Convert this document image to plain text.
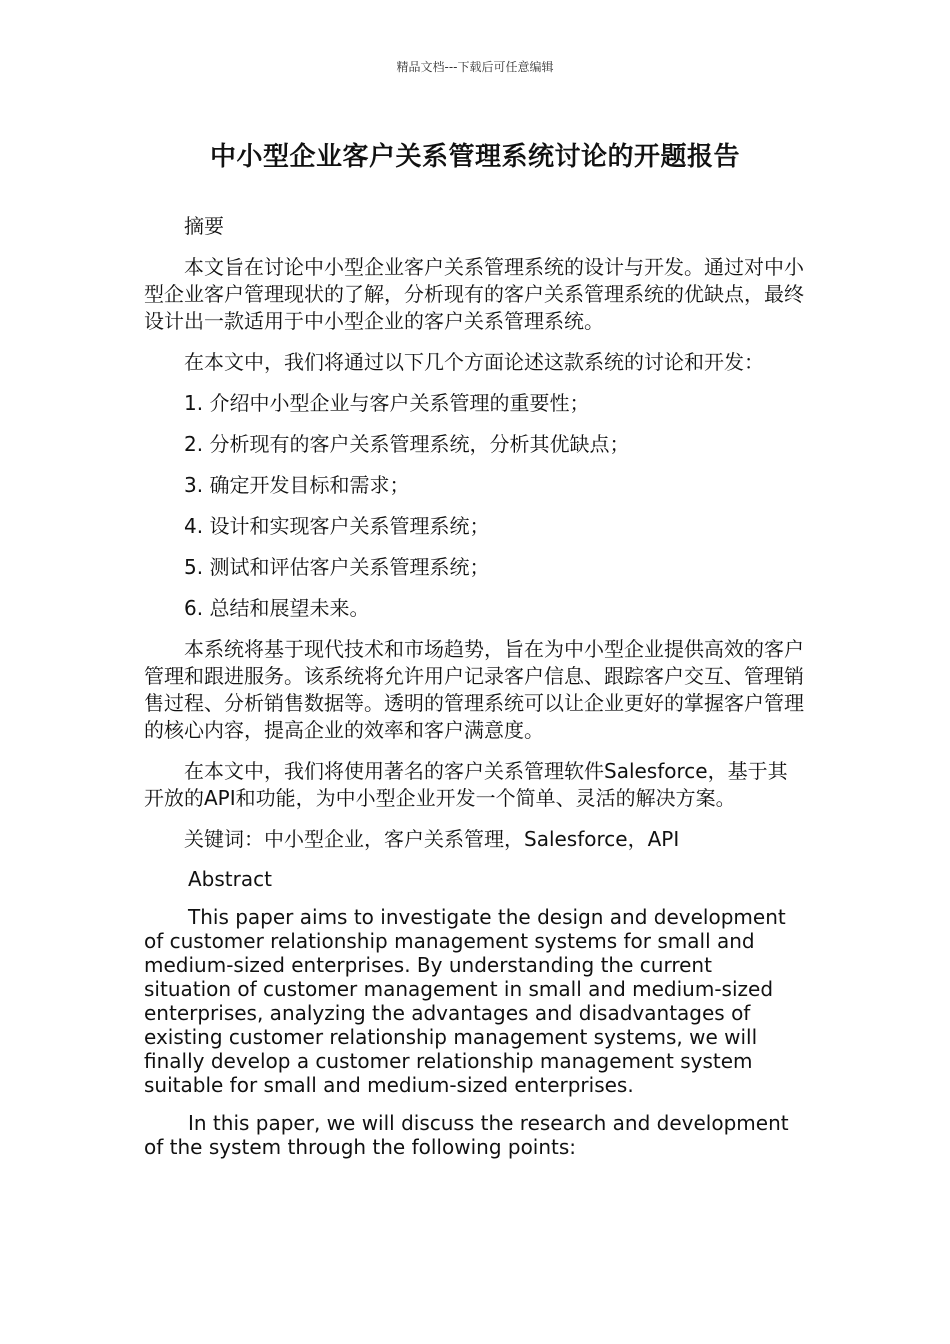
精品文档---下载后可任意编辑
中小型企业客户关系管理系统讨论的开题报告

摘要

本文旨在讨论中小型企业客户关系管理系统的设计与开发。通过对中小型企业客户管理现状的了解，分析现有的客户关系管理系统的优缺点，最终设计出一款适用于中小型企业的客户关系管理系统。

在本文中，我们将通过以下几个方面论述这款系统的讨论和开发：

1. 介绍中小型企业与客户关系管理的重要性；

2. 分析现有的客户关系管理系统，分析其优缺点；

3. 确定开发目标和需求；

4. 设计和实现客户关系管理系统；

5. 测试和评估客户关系管理系统；

6. 总结和展望未来。

本系统将基于现代技术和市场趋势，旨在为中小型企业提供高效的客户管理和跟进服务。该系统将允许用户记录客户信息、跟踪客户交互、管理销售过程、分析销售数据等。透明的管理系统可以让企业更好的掌握客户管理的核心内容，提高企业的效率和客户满意度。

在本文中，我们将使用著名的客户关系管理软件Salesforce，基于其开放的API和功能，为中小型企业开发一个简单、灵活的解决方案。

关键词：中小型企业，客户关系管理，Salesforce，API

Abstract

This paper aims to investigate the design and development of customer relationship management systems for small and medium-sized enterprises. By understanding the current situation of customer management in small and medium-sized enterprises, analyzing the advantages and disadvantages of existing customer relationship management systems, we will finally develop a customer relationship management system suitable for small and medium-sized enterprises.

In this paper, we will discuss the research and development of the system through the following points:
